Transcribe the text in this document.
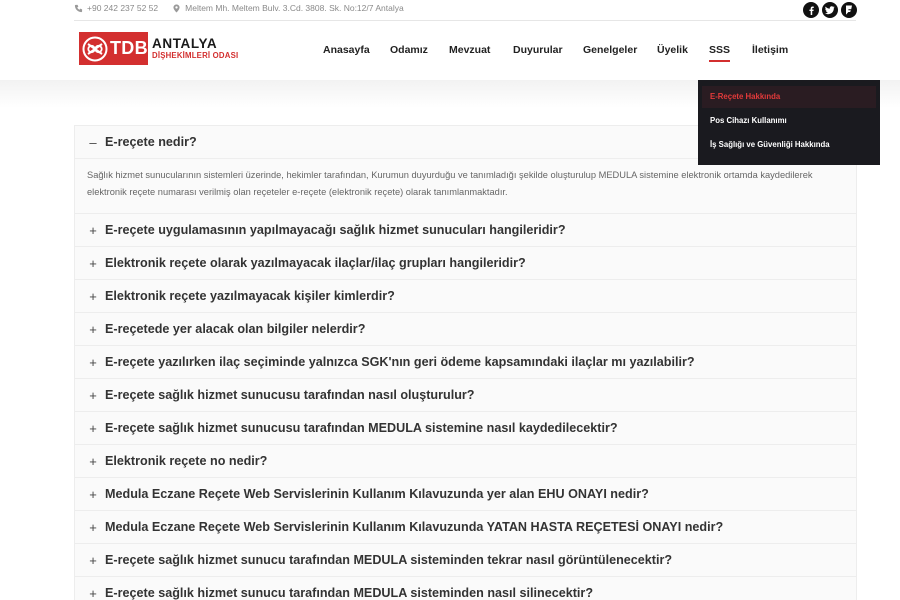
+90 242 237 52 52	Meltem Mh. Meltem Bulv. 3.Cd. 3808. Sk. No:12/7 Antalya
TDB ANTALYA
DİŞHEKİMLERİ ODASI	Anasayfa Odamız Mevzuat Duyurular Genelgeler Üyelik SSS İletişim
– E-reçete nedir?
Sağlık hizmet sunucularının sistemleri üzerinde, hekimler tarafından, Kurumun duyurduğu ve tanımladığı şekilde oluşturulup MEDULA sistemine elektronik ortamda kaydedilerek elektronik reçete numarası verilmiş olan reçeteler e-reçete (elektronik reçete) olarak tanımlanmaktadır.
+ E-reçete uygulamasının yapılmayacağı sağlık hizmet sunucuları hangileridir?
+ Elektronik reçete olarak yazılmayacak ilaçlar/ilaç grupları hangileridir?
+ Elektronik reçete yazılmayacak kişiler kimlerdir?
+ E-reçetede yer alacak olan bilgiler nelerdir?
+ E-reçete yazılırken ilaç seçiminde yalnızca SGK'nın geri ödeme kapsamındaki ilaçlar mı yazılabilir?
+ E-reçete sağlık hizmet sunucusu tarafından nasıl oluşturulur?
+ E-reçete sağlık hizmet sunucusu tarafından MEDULA sistemine nasıl kaydedilecektir?
+ Elektronik reçete no nedir?
+ Medula Eczane Reçete Web Servislerinin Kullanım Kılavuzunda yer alan EHU ONAYI nedir?
+ Medula Eczane Reçete Web Servislerinin Kullanım Kılavuzunda YATAN HASTA REÇETESİ ONAYI nedir?
+ E-reçete sağlık hizmet sunucu tarafından MEDULA sisteminden tekrar nasıl görüntülenecektir?
+ E-reçete sağlık hizmet sunucu tarafından MEDULA sisteminden nasıl silinecektir?
E-Reçete Hakkında
Pos Cihazı Kullanımı
İş Sağlığı ve Güvenliği Hakkında
